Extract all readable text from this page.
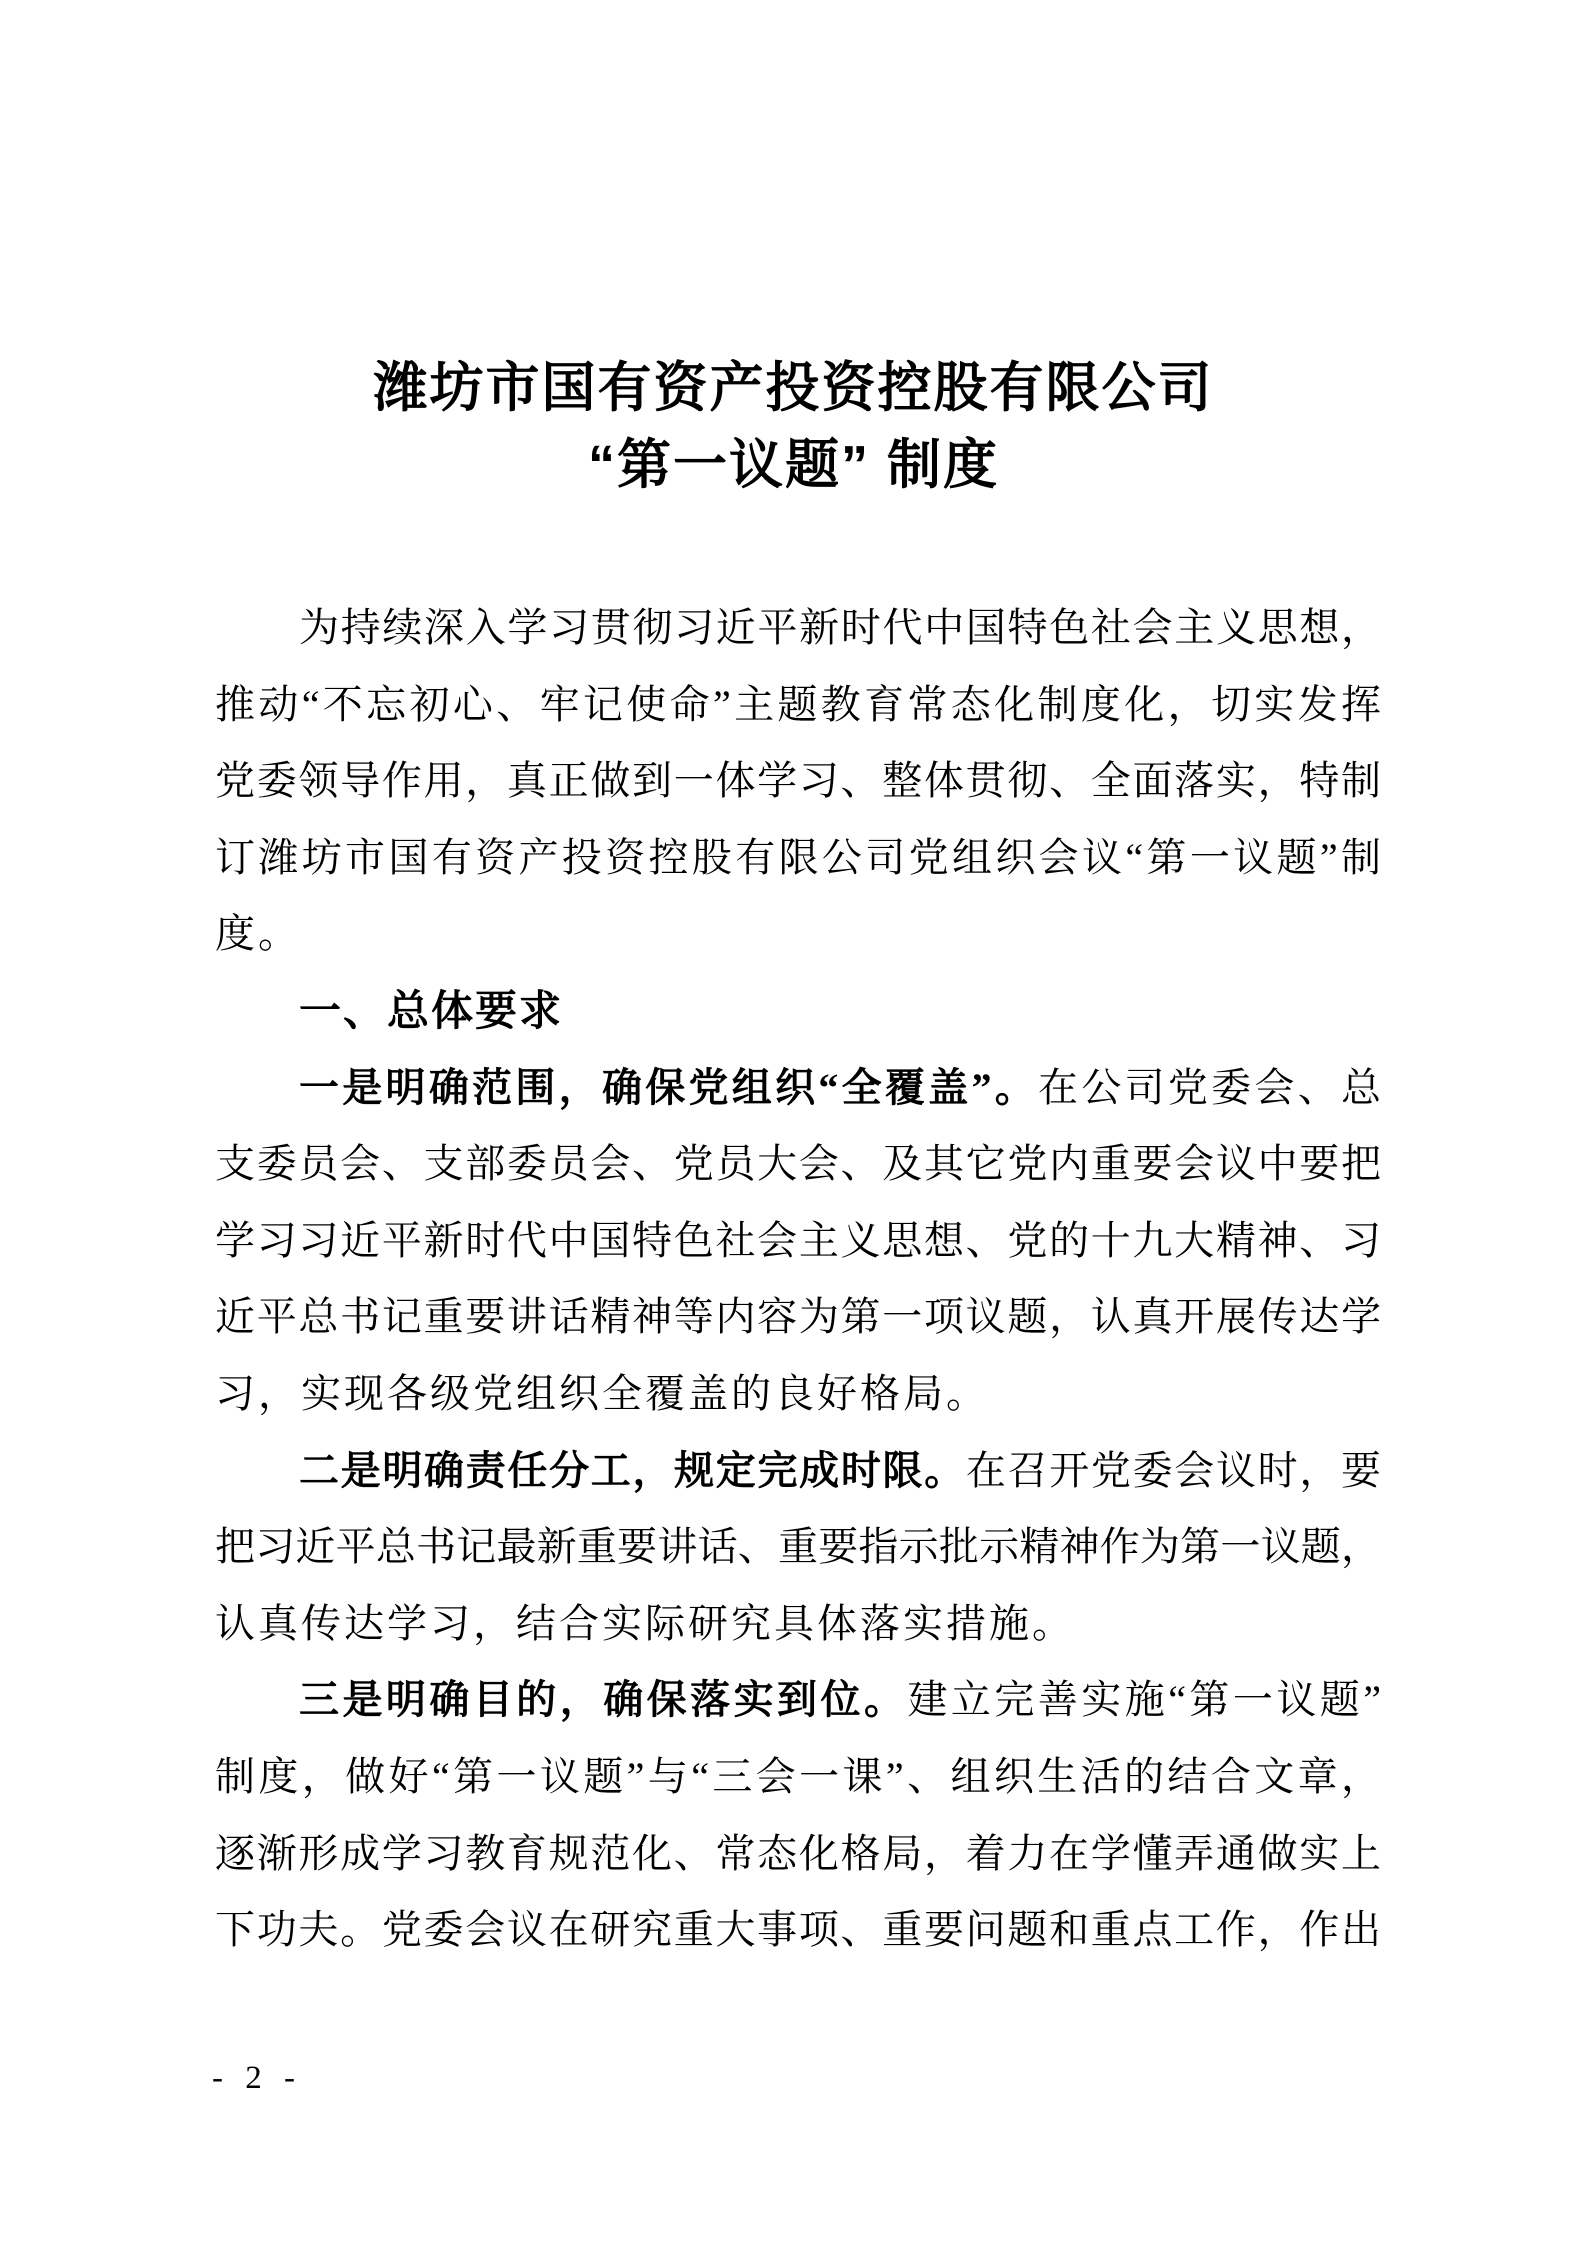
潍坊市国有资产投资控股有限公司
“第一议题” 制度
为持续深入学习贯彻习近平新时代中国特色社会主义思想，
推动“不忘初心、牢记使命”主题教育常态化制度化，切实发挥
党委领导作用，真正做到一体学习、整体贯彻、全面落实，特制
订潍坊市国有资产投资控股有限公司党组织会议“第一议题”制
度。
一、总体要求
一是明确范围，确保党组织“全覆盖”。在公司党委会、总
支委员会、支部委员会、党员大会、及其它党内重要会议中要把
学习习近平新时代中国特色社会主义思想、党的十九大精神、习
近平总书记重要讲话精神等内容为第一项议题，认真开展传达学
习，实现各级党组织全覆盖的良好格局。
二是明确责任分工，规定完成时限。在召开党委会议时，要
把习近平总书记最新重要讲话、重要指示批示精神作为第一议题，
认真传达学习，结合实际研究具体落实措施。
三是明确目的，确保落实到位。建立完善实施“第一议题”
制度，做好“第一议题”与“三会一课”、组织生活的结合文章，
逐渐形成学习教育规范化、常态化格局，着力在学懂弄通做实上
下功夫。党委会议在研究重大事项、重要问题和重点工作，作出
- 2 -
